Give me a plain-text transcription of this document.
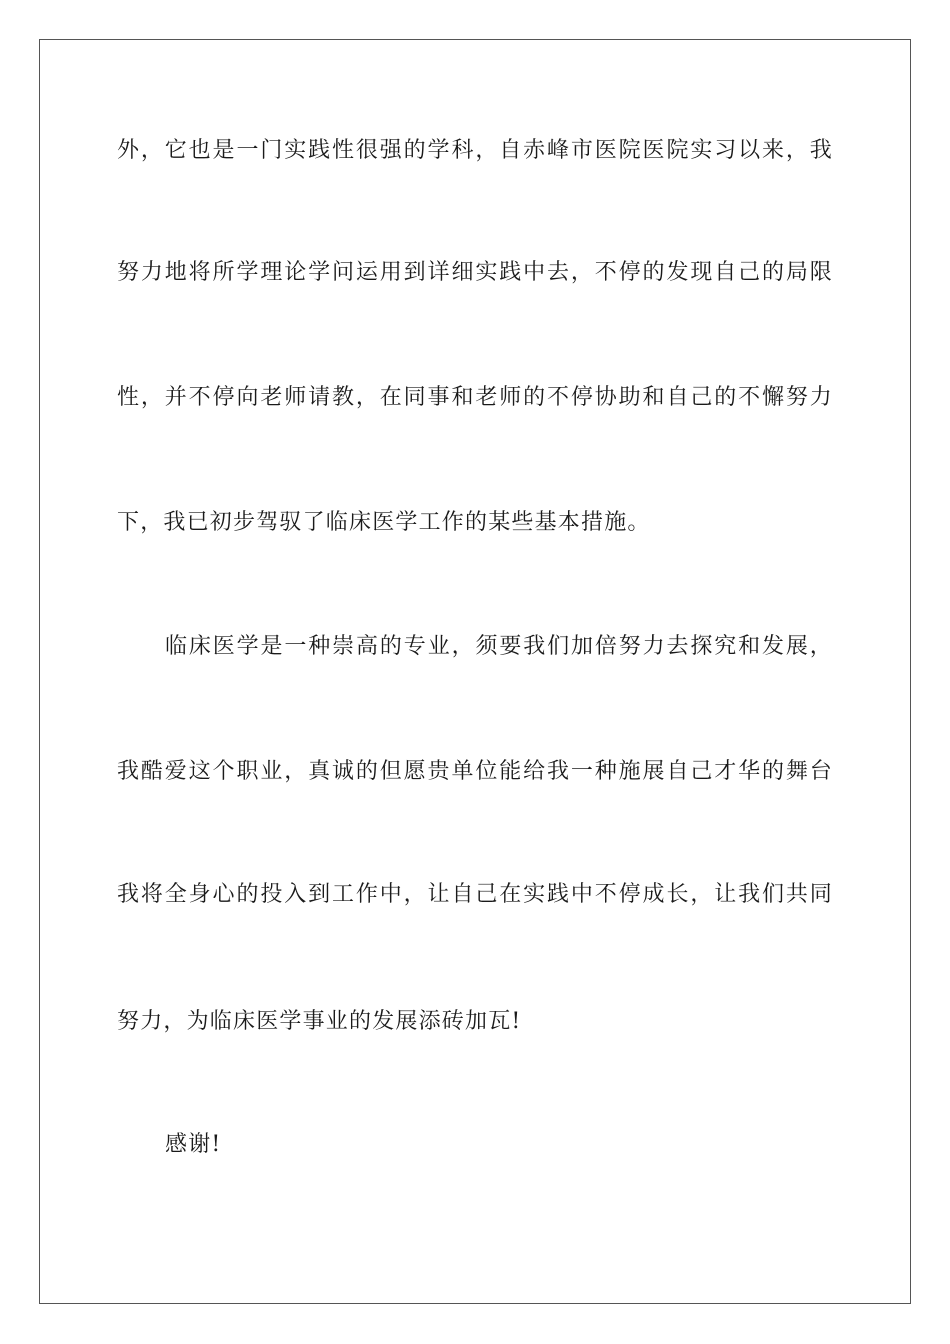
外，它也是一门实践性很强的学科，自赤峰市医院医院实习以来，我
努力地将所学理论学问运用到详细实践中去，不停的发现自己的局限
性，并不停向老师请教，在同事和老师的不停协助和自己的不懈努力
下，我已初步驾驭了临床医学工作的某些基本措施。
临床医学是一种崇高的专业，须要我们加倍努力去探究和发展，
我酷爱这个职业，真诚的但愿贵单位能给我一种施展自己才华的舞台
我将全身心的投入到工作中，让自己在实践中不停成长，让我们共同
努力，为临床医学事业的发展添砖加瓦!
感谢!
